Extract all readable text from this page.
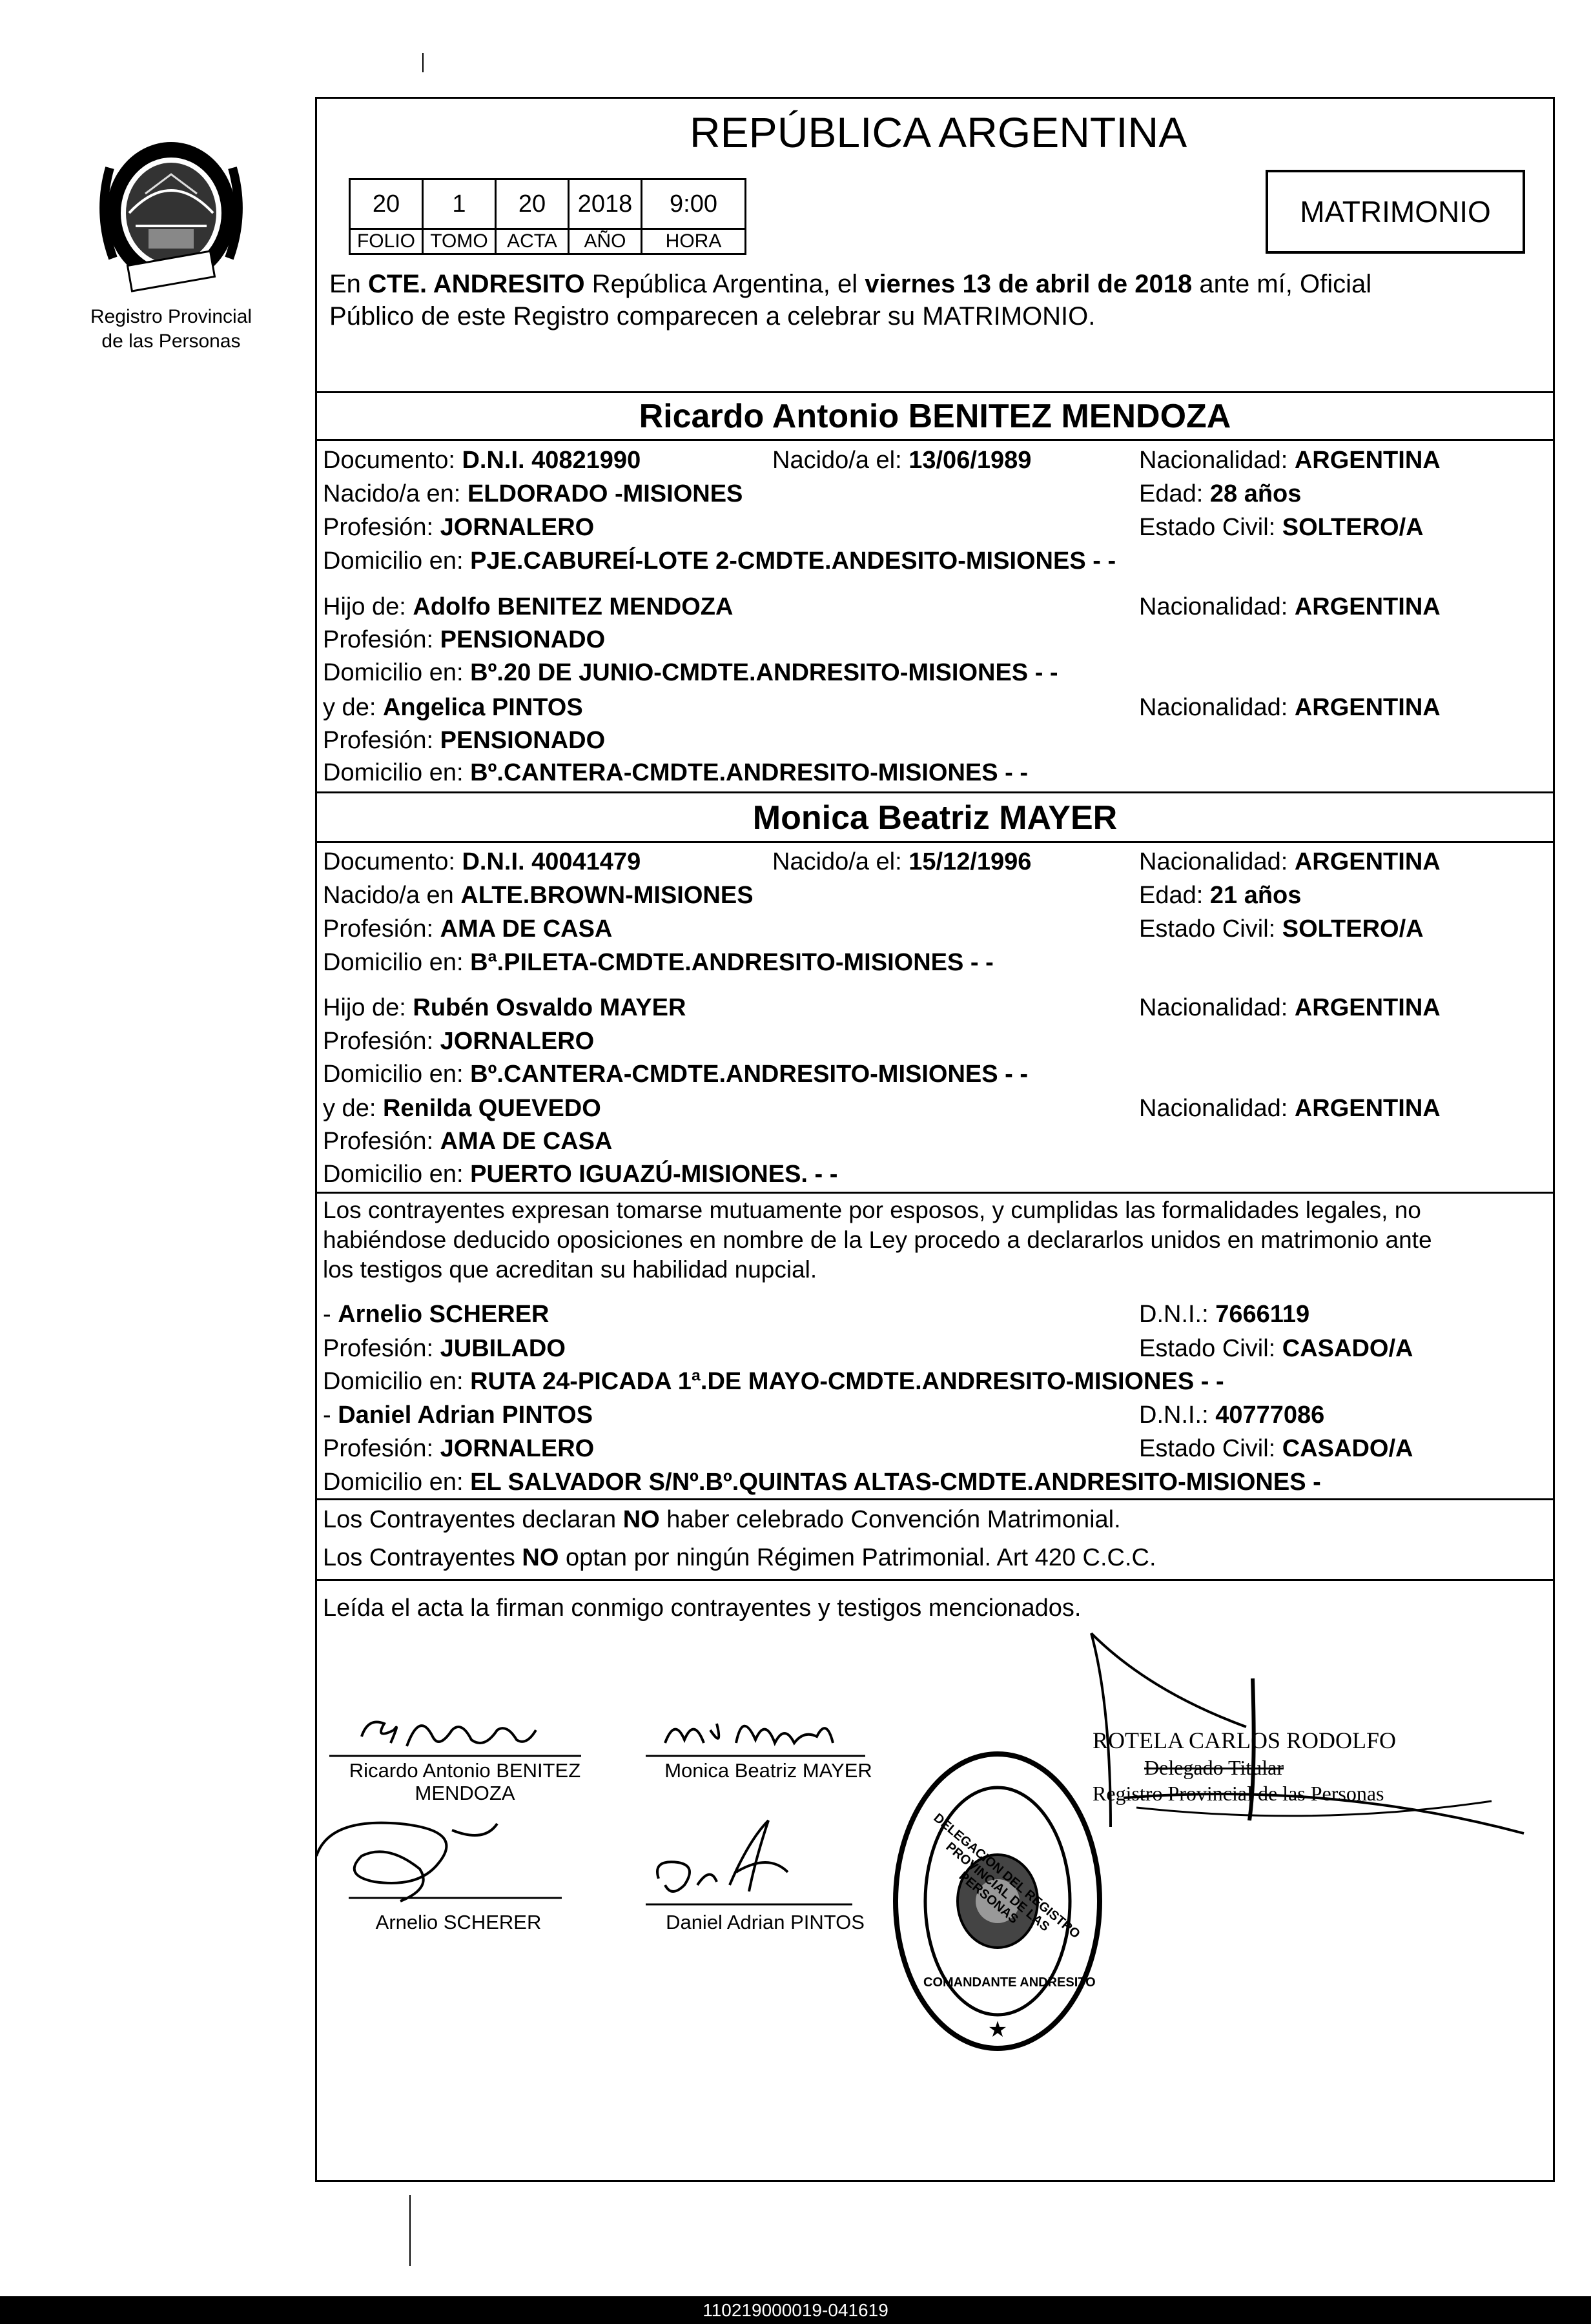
Registro Provincial
de las Personas
REPÚBLICA ARGENTINA
20	1	20	2018	9:00
FOLIO TOMO ACTA	AÑO	HORA
MATRIMONIO
En CTE. ANDRESITO República Argentina, el viernes 13 de abril de 2018 ante mí, Oficial
Público de este Registro comparecen a celebrar su MATRIMONIO.
Ricardo Antonio BENITEZ MENDOZA
Documento: D.N.I. 40821990	Nacido/a el: 13/06/1989	Nacionalidad: ARGENTINA
Nacido/a en: ELDORADO -MISIONES	Edad: 28 años
Profesión: JORNALERO	Estado Civil: SOLTERO/A
Domicilio en: PJE.CABUREÍ-LOTE 2-CMDTE.ANDESITO-MISIONES - -
Hijo de: Adolfo BENITEZ MENDOZA	Nacionalidad: ARGENTINA
Profesión: PENSIONADO
Domicilio en: Bº.20 DE JUNIO-CMDTE.ANDRESITO-MISIONES - -
y de: Angelica PINTOS	Nacionalidad: ARGENTINA
Profesión: PENSIONADO
Domicilio en: Bº.CANTERA-CMDTE.ANDRESITO-MISIONES - -
Monica Beatriz MAYER
Documento: D.N.I. 40041479	Nacido/a el: 15/12/1996	Nacionalidad: ARGENTINA
Nacido/a en ALTE.BROWN-MISIONES	Edad: 21 años
Profesión: AMA DE CASA	Estado Civil: SOLTERO/A
Domicilio en: Bª.PILETA-CMDTE.ANDRESITO-MISIONES - -
Hijo de: Rubén Osvaldo MAYER	Nacionalidad: ARGENTINA
Profesión: JORNALERO
Domicilio en: Bº.CANTERA-CMDTE.ANDRESITO-MISIONES - -
y de: Renilda QUEVEDO	Nacionalidad: ARGENTINA
Profesión: AMA DE CASA
Domicilio en: PUERTO IGUAZÚ-MISIONES. - -
Los contrayentes expresan tomarse mutuamente por esposos, y cumplidas las formalidades legales, no
habiéndose deducido oposiciones en nombre de la Ley procedo a declararlos unidos en matrimonio ante
los testigos que acreditan su habilidad nupcial.
- Arnelio SCHERER	D.N.I.: 7666119
Profesión: JUBILADO	Estado Civil: CASADO/A
Domicilio en: RUTA 24-PICADA 1ª.DE MAYO-CMDTE.ANDRESITO-MISIONES - -
- Daniel Adrian PINTOS	D.N.I.: 40777086
Profesión: JORNALERO	Estado Civil: CASADO/A
Domicilio en: EL SALVADOR S/Nº.Bº.QUINTAS ALTAS-CMDTE.ANDRESITO-MISIONES -
Los Contrayentes declaran NO haber celebrado Convención Matrimonial.
Los Contrayentes NO optan por ningún Régimen Patrimonial. Art 420 C.C.C.
Leída el acta la firman conmigo contrayentes y testigos mencionados.
Ricardo Antonio BENITEZ
MENDOZA
Monica Beatriz MAYER
Arnelio SCHERER	Daniel Adrian PINTOS
★
DELEGACION DEL REGISTRO PROVINCIAL DE LAS PERSONAS
COMANDANTE ANDRESITO
ROTELA CARLOS RODOLFO
Delegado Titular
Registro Provincial de las Personas
110219000019-041619
